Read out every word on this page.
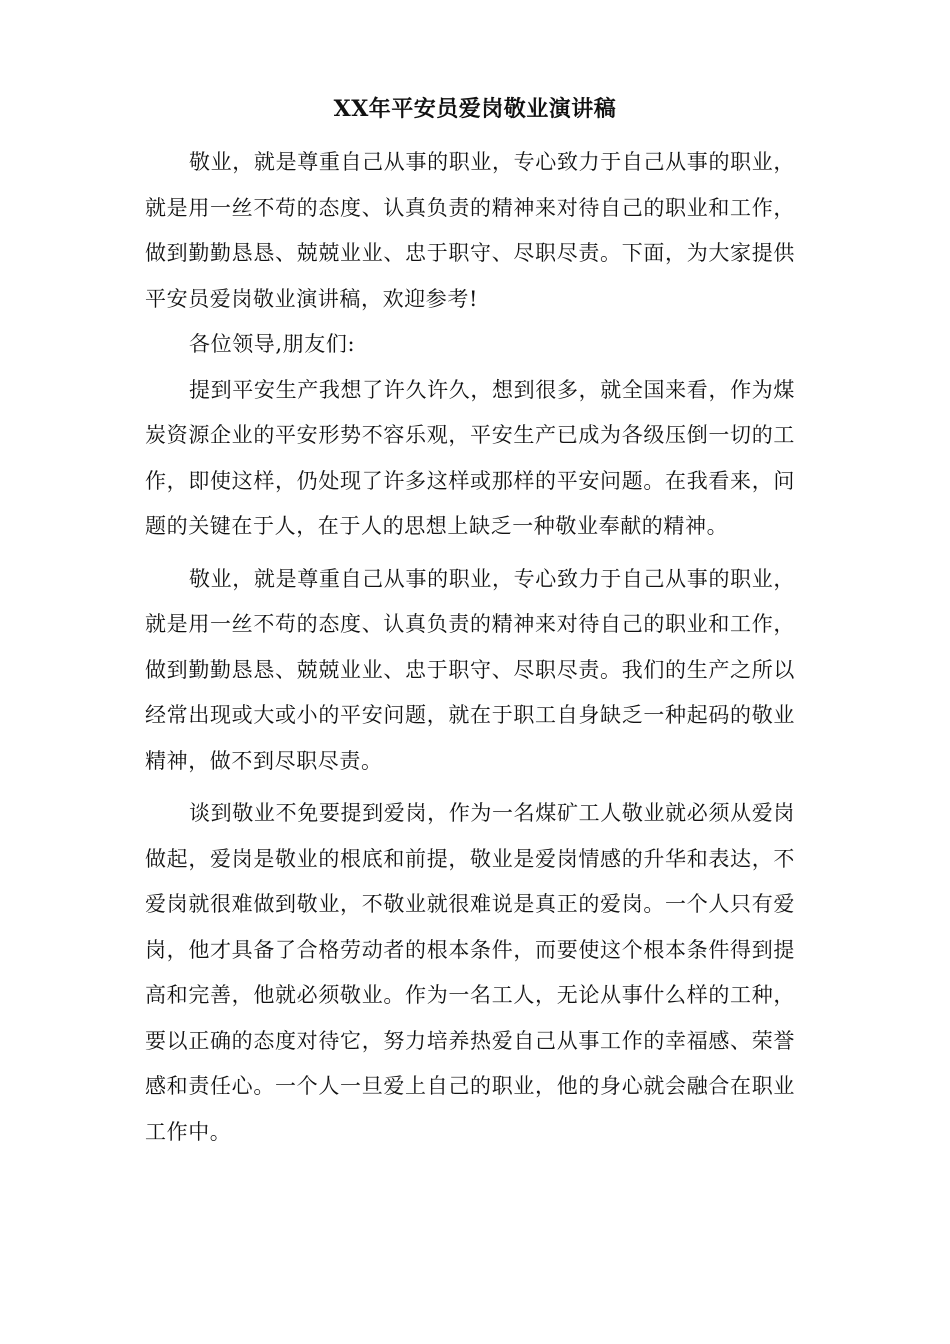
XX年平安员爱岗敬业演讲稿

敬业，就是尊重自己从事的职业，专心致力于自己从事的职业，就是用一丝不苟的态度、认真负责的精神来对待自己的职业和工作，做到勤勤恳恳、兢兢业业、忠于职守、尽职尽责。下面，为大家提供平安员爱岗敬业演讲稿，欢迎参考!

各位领导,朋友们:

提到平安生产我想了许久许久，想到很多，就全国来看，作为煤炭资源企业的平安形势不容乐观，平安生产已成为各级压倒一切的工作，即使这样，仍处现了许多这样或那样的平安问题。在我看来，问题的关键在于人，在于人的思想上缺乏一种敬业奉献的精神。

敬业，就是尊重自己从事的职业，专心致力于自己从事的职业，就是用一丝不苟的态度、认真负责的精神来对待自己的职业和工作，做到勤勤恳恳、兢兢业业、忠于职守、尽职尽责。我们的生产之所以经常出现或大或小的平安问题，就在于职工自身缺乏一种起码的敬业精神，做不到尽职尽责。

谈到敬业不免要提到爱岗，作为一名煤矿工人敬业就必须从爱岗做起，爱岗是敬业的根底和前提，敬业是爱岗情感的升华和表达，不爱岗就很难做到敬业，不敬业就很难说是真正的爱岗。一个人只有爱岗，他才具备了合格劳动者的根本条件，而要使这个根本条件得到提高和完善，他就必须敬业。作为一名工人，无论从事什么样的工种，要以正确的态度对待它，努力培养热爱自己从事工作的幸福感、荣誉感和责任心。一个人一旦爱上自己的职业，他的身心就会融合在职业工作中。
